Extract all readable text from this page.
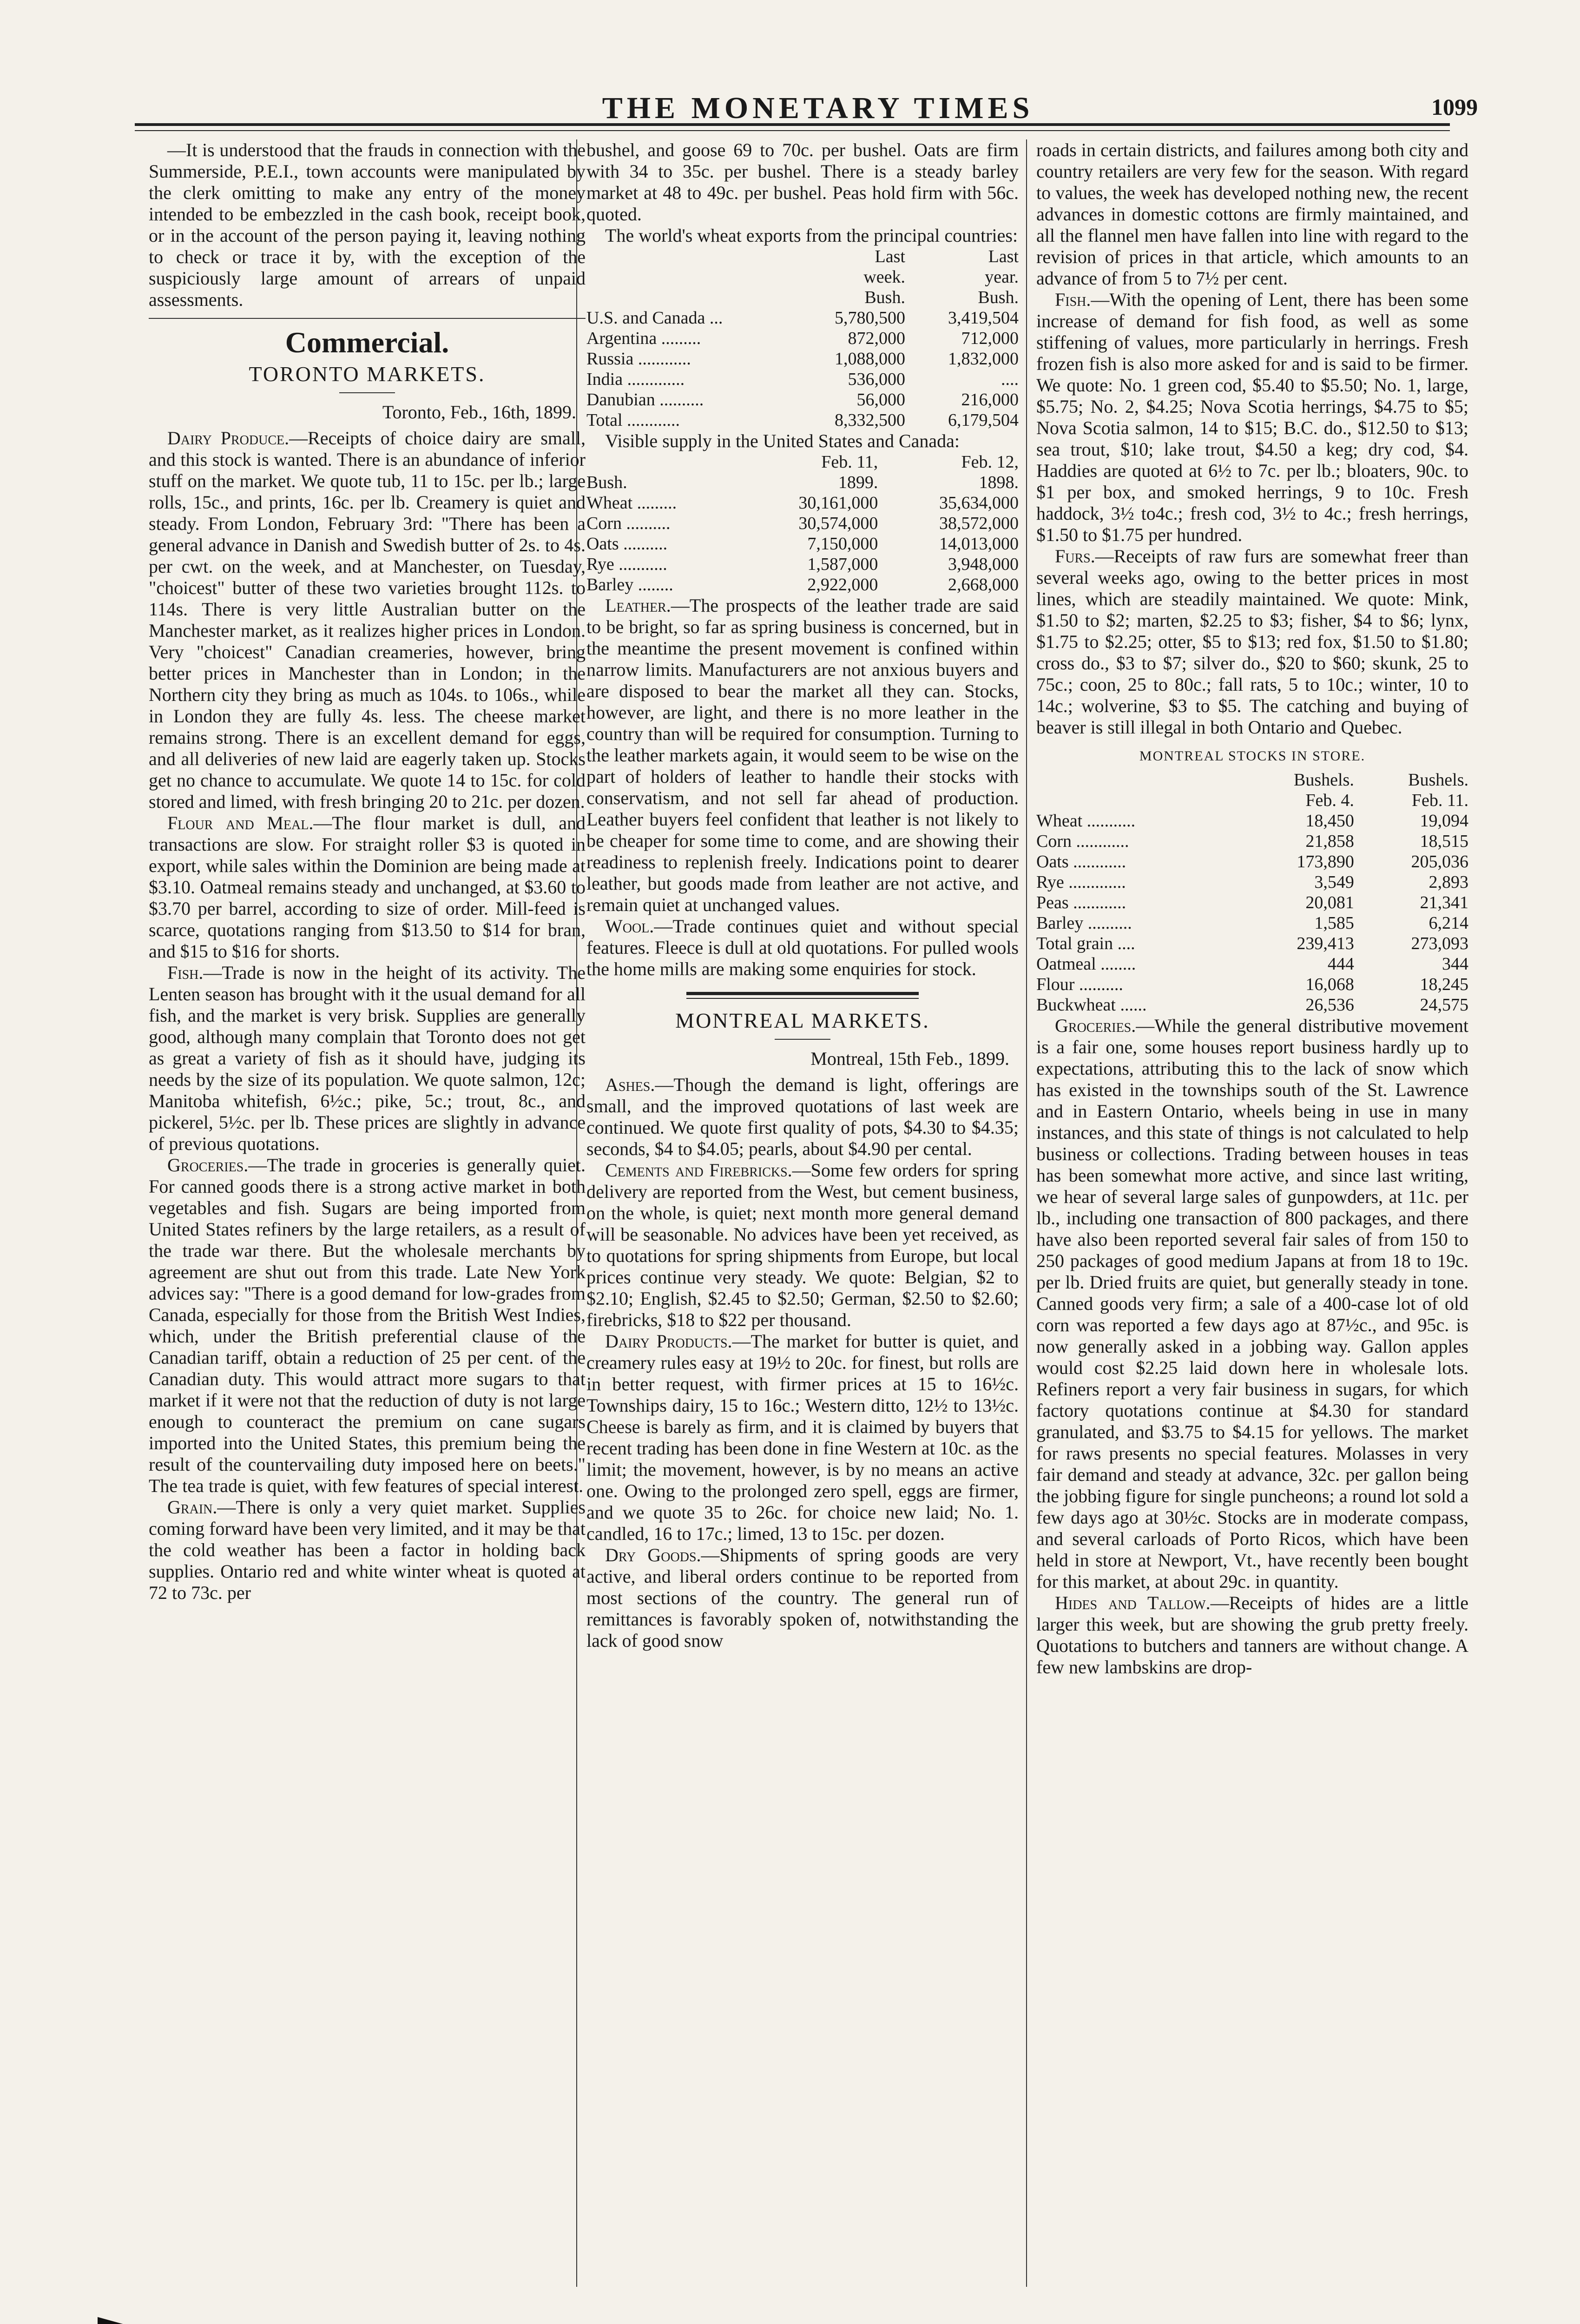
THE MONETARY TIMES	1099

—It is understood that the frauds in connection with the Summerside, P.E.I., town accounts were manipulated by the clerk omitting to make any entry of the money intended to be embezzled in the cash book, receipt book, or in the account of the person paying it, leaving nothing to check or trace it by, with the exception of the suspiciously large amount of arrears of unpaid assessments.

Commercial.
TORONTO MARKETS.
Toronto, Feb., 16th, 1899.

Dairy Produce.—Receipts of choice dairy are small, and this stock is wanted. There is an abundance of inferior stuff on the market. We quote tub, 11 to 15c. per lb.; large rolls, 15c., and prints, 16c. per lb. Creamery is quiet and steady. From London, February 3rd: "There has been a general advance in Danish and Swedish butter of 2s. to 4s. per cwt. on the week, and at Manchester, on Tuesday, "choicest" butter of these two varieties brought 112s. to 114s. There is very little Australian butter on the Manchester market, as it realizes higher prices in London. Very "choicest" Canadian creameries, however, bring better prices in Manchester than in London; in the Northern city they bring as much as 104s. to 106s., while in London they are fully 4s. less. The cheese market remains strong. There is an excellent demand for eggs, and all deliveries of new laid are eagerly taken up. Stocks get no chance to accumulate. We quote 14 to 15c. for cold stored and limed, with fresh bringing 20 to 21c. per dozen.

Flour and Meal.—The flour market is dull, and transactions are slow. For straight roller $3 is quoted in export, while sales within the Dominion are being made at $3.10. Oatmeal remains steady and unchanged, at $3.60 to $3.70 per barrel, according to size of order. Mill-feed is scarce, quotations ranging from $13.50 to $14 for bran, and $15 to $16 for shorts.

Fish.—Trade is now in the height of its activity. The Lenten season has brought with it the usual demand for all fish, and the market is very brisk. Supplies are generally good, although many complain that Toronto does not get as great a variety of fish as it should have, judging its needs by the size of its population. We quote salmon, 12c; Manitoba whitefish, 6½c.; pike, 5c.; trout, 8c., and pickerel, 5½c. per lb. These prices are slightly in advance of previous quotations.

Groceries.—The trade in groceries is generally quiet. For canned goods there is a strong active market in both vegetables and fish. Sugars are being imported from United States refiners by the large retailers, as a result of the trade war there. But the wholesale merchants by agreement are shut out from this trade. Late New York advices say: "There is a good demand for low-grades from Canada, especially for those from the British West Indies, which, under the British preferential clause of the Canadian tariff, obtain a reduction of 25 per cent. of the Canadian duty. This would attract more sugars to that market if it were not that the reduction of duty is not large enough to counteract the premium on cane sugars imported into the United States, this premium being the result of the countervailing duty imposed here on beets." The tea trade is quiet, with few features of special interest.

Grain.—There is only a very quiet market. Supplies coming forward have been very limited, and it may be that the cold weather has been a factor in holding back supplies. Ontario red and white winter wheat is quoted at 72 to 73c. per

bushel, and goose 69 to 70c. per bushel. Oats are firm with 34 to 35c. per bushel. There is a steady barley market at 48 to 49c. per bushel. Peas hold firm with 56c. quoted.

The world's wheat exports from the principal countries:

	Last
week.
Bush.	Last
year.
Bush.
U.S. and Canada ...	5,780,500	3,419,504
Argentina .........	872,000	712,000
Russia ............	1,088,000	1,832,000
India .............	536,000	....
Danubian ..........	56,000	216,000
Total ............	8,332,500	6,179,504

Visible supply in the United States and Canada:

Bush.	Feb. 11,
1899.	Feb. 12,
1898.
Wheat .........	30,161,000	35,634,000
Corn ..........	30,574,000	38,572,000
Oats ..........	7,150,000	14,013,000
Rye ...........	1,587,000	3,948,000
Barley ........	2,922,000	2,668,000

Leather.—The prospects of the leather trade are said to be bright, so far as spring business is concerned, but in the meantime the present movement is confined within narrow limits. Manufacturers are not anxious buyers and are disposed to bear the market all they can. Stocks, however, are light, and there is no more leather in the country than will be required for consumption. Turning to the leather markets again, it would seem to be wise on the part of holders of leather to handle their stocks with conservatism, and not sell far ahead of production. Leather buyers feel confident that leather is not likely to be cheaper for some time to come, and are showing their readiness to replenish freely. Indications point to dearer leather, but goods made from leather are not active, and remain quiet at unchanged values.

Wool.—Trade continues quiet and without special features. Fleece is dull at old quotations. For pulled wools the home mills are making some enquiries for stock.

MONTREAL MARKETS.
Montreal, 15th Feb., 1899.

Ashes.—Though the demand is light, offerings are small, and the improved quotations of last week are continued. We quote first quality of pots, $4.30 to $4.35; seconds, $4 to $4.05; pearls, about $4.90 per cental.

Cements and Firebricks.—Some few orders for spring delivery are reported from the West, but cement business, on the whole, is quiet; next month more general demand will be seasonable. No advices have been yet received, as to quotations for spring shipments from Europe, but local prices continue very steady. We quote: Belgian, $2 to $2.10; English, $2.45 to $2.50; German, $2.50 to $2.60; firebricks, $18 to $22 per thousand.

Dairy Products.—The market for butter is quiet, and creamery rules easy at 19½ to 20c. for finest, but rolls are in better request, with firmer prices at 15 to 16½c. Townships dairy, 15 to 16c.; Western ditto, 12½ to 13½c. Cheese is barely as firm, and it is claimed by buyers that recent trading has been done in fine Western at 10c. as the limit; the movement, however, is by no means an active one. Owing to the prolonged zero spell, eggs are firmer, and we quote 35 to 26c. for choice new laid; No. 1. candled, 16 to 17c.; limed, 13 to 15c. per dozen.

Dry Goods.—Shipments of spring goods are very active, and liberal orders continue to be reported from most sections of the country. The general run of remittances is favorably spoken of, notwithstanding the lack of good snow

roads in certain districts, and failures among both city and country retailers are very few for the season. With regard to values, the week has developed nothing new, the recent advances in domestic cottons are firmly maintained, and all the flannel men have fallen into line with regard to the revision of prices in that article, which amounts to an advance of from 5 to 7½ per cent.

Fish.—With the opening of Lent, there has been some increase of demand for fish food, as well as some stiffening of values, more particularly in herrings. Fresh frozen fish is also more asked for and is said to be firmer. We quote: No. 1 green cod, $5.40 to $5.50; No. 1, large, $5.75; No. 2, $4.25; Nova Scotia herrings, $4.75 to $5; Nova Scotia salmon, 14 to $15; B.C. do., $12.50 to $13; sea trout, $10; lake trout, $4.50 a keg; dry cod, $4. Haddies are quoted at 6½ to 7c. per lb.; bloaters, 90c. to $1 per box, and smoked herrings, 9 to 10c. Fresh haddock, 3½ to4c.; fresh cod, 3½ to 4c.; fresh herrings, $1.50 to $1.75 per hundred.

Furs.—Receipts of raw furs are somewhat freer than several weeks ago, owing to the better prices in most lines, which are steadily maintained. We quote: Mink, $1.50 to $2; marten, $2.25 to $3; fisher, $4 to $6; lynx, $1.75 to $2.25; otter, $5 to $13; red fox, $1.50 to $1.80; cross do., $3 to $7; silver do., $20 to $60; skunk, 25 to 75c.; coon, 25 to 80c.; fall rats, 5 to 10c.; winter, 10 to 14c.; wolverine, $3 to $5. The catching and buying of beaver is still illegal in both Ontario and Quebec.

MONTREAL STOCKS IN STORE.
	Bushels.
Feb. 4.	Bushels.
Feb. 11.
Wheat ...........	18,450	19,094
Corn ............	21,858	18,515
Oats ............	173,890	205,036
Rye .............	3,549	2,893
Peas ............	20,081	21,341
Barley ..........	1,585	6,214
Total grain ....	239,413	273,093
Oatmeal ........	444	344
Flour ..........	16,068	18,245
Buckwheat ......	26,536	24,575

Groceries.—While the general distributive movement is a fair one, some houses report business hardly up to expectations, attributing this to the lack of snow which has existed in the townships south of the St. Lawrence and in Eastern Ontario, wheels being in use in many instances, and this state of things is not calculated to help business or collections. Trading between houses in teas has been somewhat more active, and since last writing, we hear of several large sales of gunpowders, at 11c. per lb., including one transaction of 800 packages, and there have also been reported several fair sales of from 150 to 250 packages of good medium Japans at from 18 to 19c. per lb. Dried fruits are quiet, but generally steady in tone. Canned goods very firm; a sale of a 400-case lot of old corn was reported a few days ago at 87½c., and 95c. is now generally asked in a jobbing way. Gallon apples would cost $2.25 laid down here in wholesale lots. Refiners report a very fair business in sugars, for which factory quotations continue at $4.30 for standard granulated, and $3.75 to $4.15 for yellows. The market for raws presents no special features. Molasses in very fair demand and steady at advance, 32c. per gallon being the jobbing figure for single puncheons; a round lot sold a few days ago at 30½c. Stocks are in moderate compass, and several carloads of Porto Ricos, which have been held in store at Newport, Vt., have recently been bought for this market, at about 29c. in quantity.

Hides and Tallow.—Receipts of hides are a little larger this week, but are showing the grub pretty freely. Quotations to butchers and tanners are without change. A few new lambskins are drop-
